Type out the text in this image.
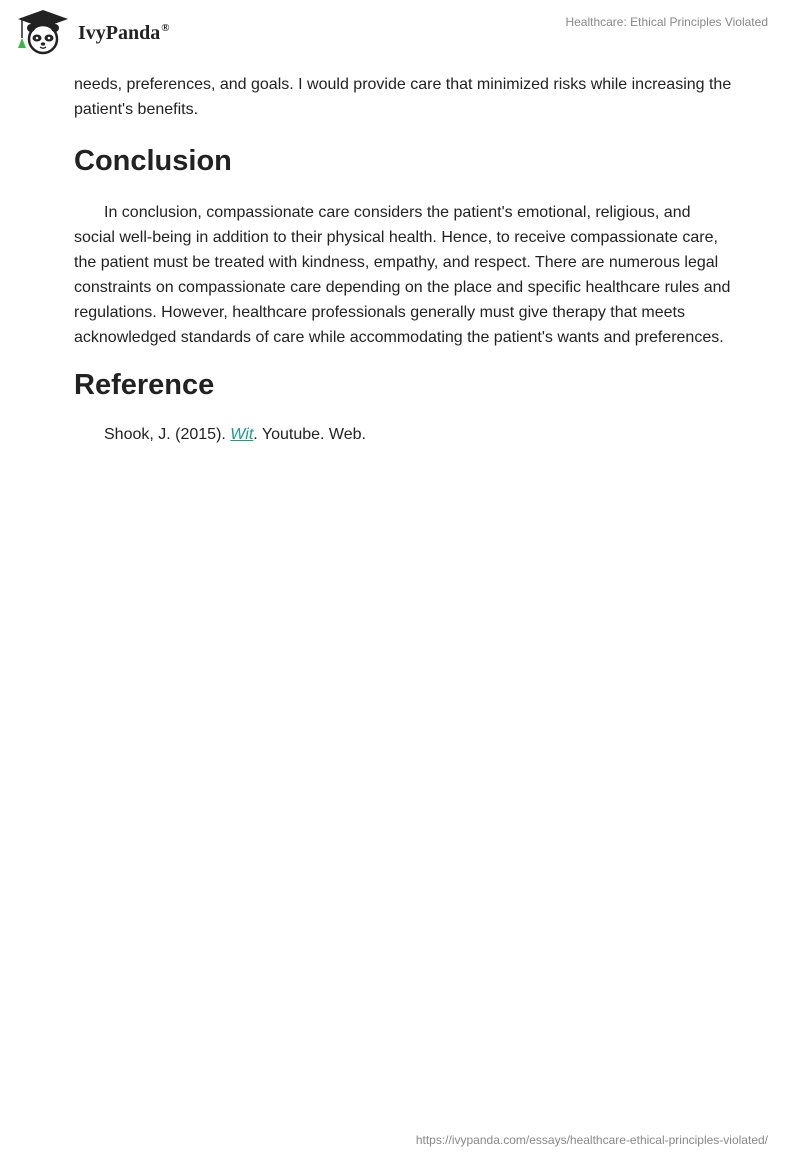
IvyPanda®	Healthcare: Ethical Principles Violated

needs, preferences, and goals. I would provide care that minimized risks while increasing the patient's benefits.

Conclusion

In conclusion, compassionate care considers the patient's emotional, religious, and social well-being in addition to their physical health. Hence, to receive compassionate care, the patient must be treated with kindness, empathy, and respect. There are numerous legal constraints on compassionate care depending on the place and specific healthcare rules and regulations. However, healthcare professionals generally must give therapy that meets acknowledged standards of care while accommodating the patient's wants and preferences.

Reference

Shook, J. (2015). Wit. Youtube. Web.

https://ivypanda.com/essays/healthcare-ethical-principles-violated/
